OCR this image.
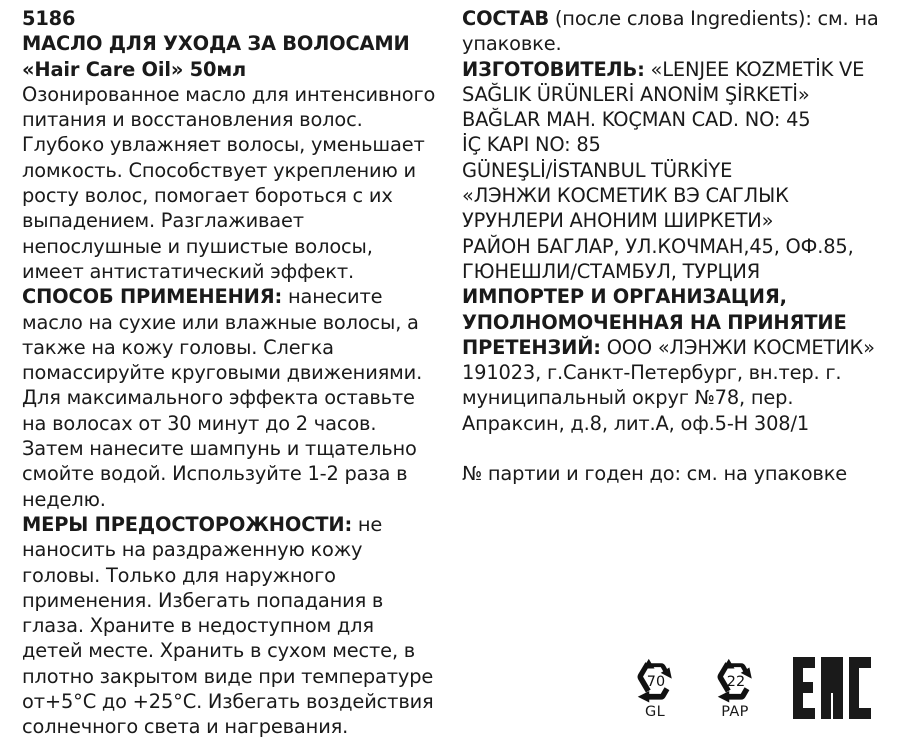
5186
МАСЛО ДЛЯ УХОДА ЗА ВОЛОСАМИ
«Hair Care Oil» 50мл

Озонированное масло для интенсивного питания и восстановления волос. Глубоко увлажняет волосы, уменьшает ломкость. Способствует укреплению и росту волос, помогает бороться с их выпадением. Разглаживает непослушные и пушистые волосы, имеет антистатический эффект.

СПОСОБ ПРИМЕНЕНИЯ: нанесите масло на сухие или влажные волосы, а также на кожу головы. Слегка помассируйте круговыми движениями. Для максимального эффекта оставьте на волосах от 30 минут до 2 часов. Затем нанесите шампунь и тщательно смойте водой. Используйте 1-2 раза в неделю.

МЕРЫ ПРЕДОСТОРОЖНОСТИ: не наносить на раздраженную кожу головы. Только для наружного применения. Избегать попадания в глаза. Храните в недоступном для детей месте. Хранить в сухом месте, в плотно закрытом виде при температуре от+5°С до +25°С. Избегать воздействия солнечного света и нагревания.

СОСТАВ (после слова Ingredients): см. на упаковке.

ИЗГОТОВИТЕЛЬ: «LENJEE KOZMETİK VE SAĞLIK ÜRÜNLERİ ANONİM ŞİRKETİ»

BAĞLAR MAH. KOÇMAN CAD. NO: 45
İÇ KAPI NO: 85
GÜNEŞLİ/İSTANBUL TÜRKİYE

«ЛЭНЖИ КОСМЕТИК ВЭ САГЛЫК УРУНЛЕРИ АНОНИМ ШИРКЕТИ»

РАЙОН БАГЛАР, УЛ.КОЧМАН,45, ОФ.85,

ГЮНЕШЛИ/СТАМБУЛ, ТУРЦИЯ

ИМПОРТЕР И ОРГАНИЗАЦИЯ, УПОЛНОМОЧЕННАЯ НА ПРИНЯТИЕ ПРЕТЕНЗИЙ: ООО «ЛЭНЖИ КОСМЕТИК» 191023, г.Санкт-Петербург, вн.тер. г. муниципальный округ №78, пер. Апраксин, д.8, лит.А, оф.5-Н 308/1

№ партии и годен до: см. на упаковке

70
GL
22
PAP
